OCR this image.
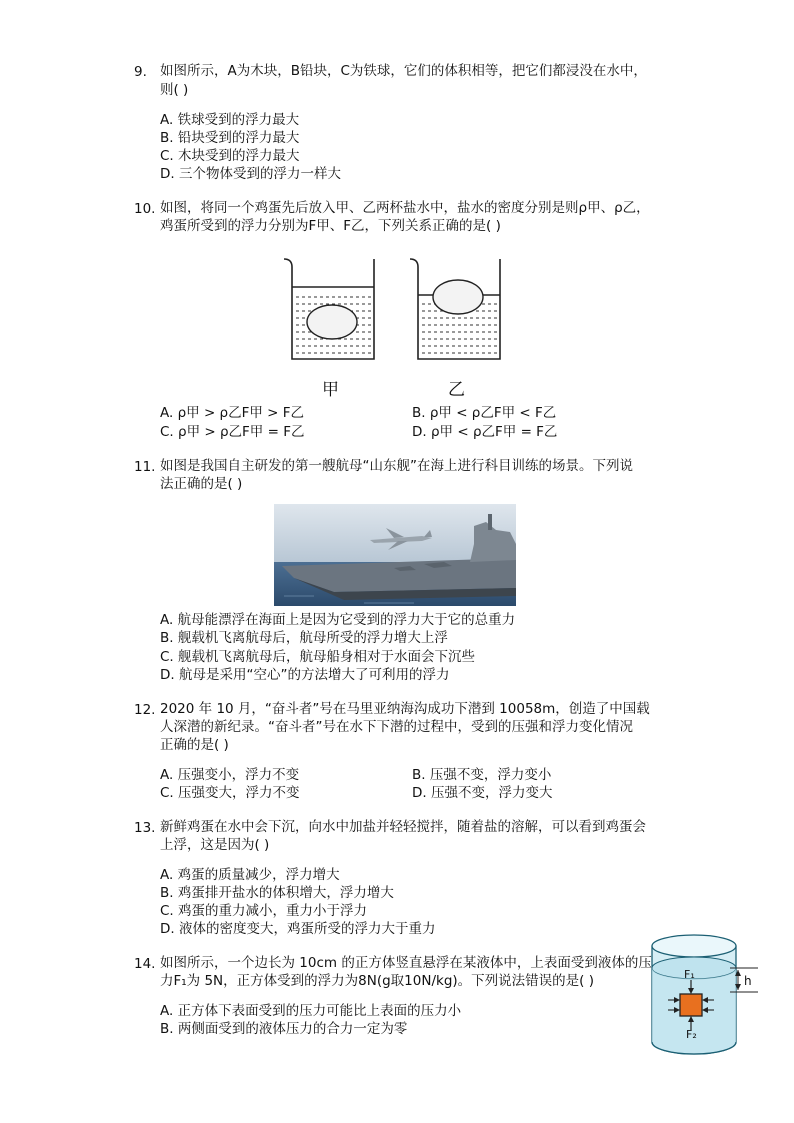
9. 如图所示，A为木块，B铅块，C为铁球，它们的体积相等，把它们都浸没在水中，
则( )
A. 铁球受到的浮力最大
B. 铅块受到的浮力最大
C. 木块受到的浮力最大
D. 三个物体受到的浮力一样大
10. 如图，将同一个鸡蛋先后放入甲、乙两杯盐水中，盐水的密度分别是则ρ甲、ρ乙，
鸡蛋所受到的浮力分别为F甲、F乙，下列关系正确的是( )
甲	乙
A. ρ甲 > ρ乙F甲 > F乙	B. ρ甲 < ρ乙F甲 < F乙
C. ρ甲 > ρ乙F甲 = F乙	D. ρ甲 < ρ乙F甲 = F乙
11. 如图是我国自主研发的第一艘航母“山东舰”在海上进行科目训练的场景。下列说
法正确的是( )
A. 航母能漂浮在海面上是因为它受到的浮力大于它的总重力
B. 舰载机飞离航母后，航母所受的浮力增大上浮
C. 舰载机飞离航母后，航母船身相对于水面会下沉些
D. 航母是采用“空心”的方法增大了可利用的浮力
12. 2020 年 10 月，“奋斗者”号在马里亚纳海沟成功下潜到 10058m，创造了中国载
人深潜的新纪录。“奋斗者”号在水下下潜的过程中，受到的压强和浮力变化情况
正确的是( )
A. 压强变小，浮力不变	B. 压强不变，浮力变小
C. 压强变大，浮力不变	D. 压强不变，浮力变大
13. 新鲜鸡蛋在水中会下沉，向水中加盐并轻轻搅拌，随着盐的溶解，可以看到鸡蛋会
上浮，这是因为( )
A. 鸡蛋的质量减少，浮力增大
B. 鸡蛋排开盐水的体积增大，浮力增大
C. 鸡蛋的重力减小，重力小于浮力
D. 液体的密度变大，鸡蛋所受的浮力大于重力
14. 如图所示，一个边长为 10cm 的正方体竖直悬浮在某液体中，上表面受到液体的压
力F₁为 5N，正方体受到的浮力为8N(g取10N/kg)。下列说法错误的是( )
A. 正方体下表面受到的压力可能比上表面的压力小
B. 两侧面受到的液体压力的合力一定为零
h
F₁
F₂
